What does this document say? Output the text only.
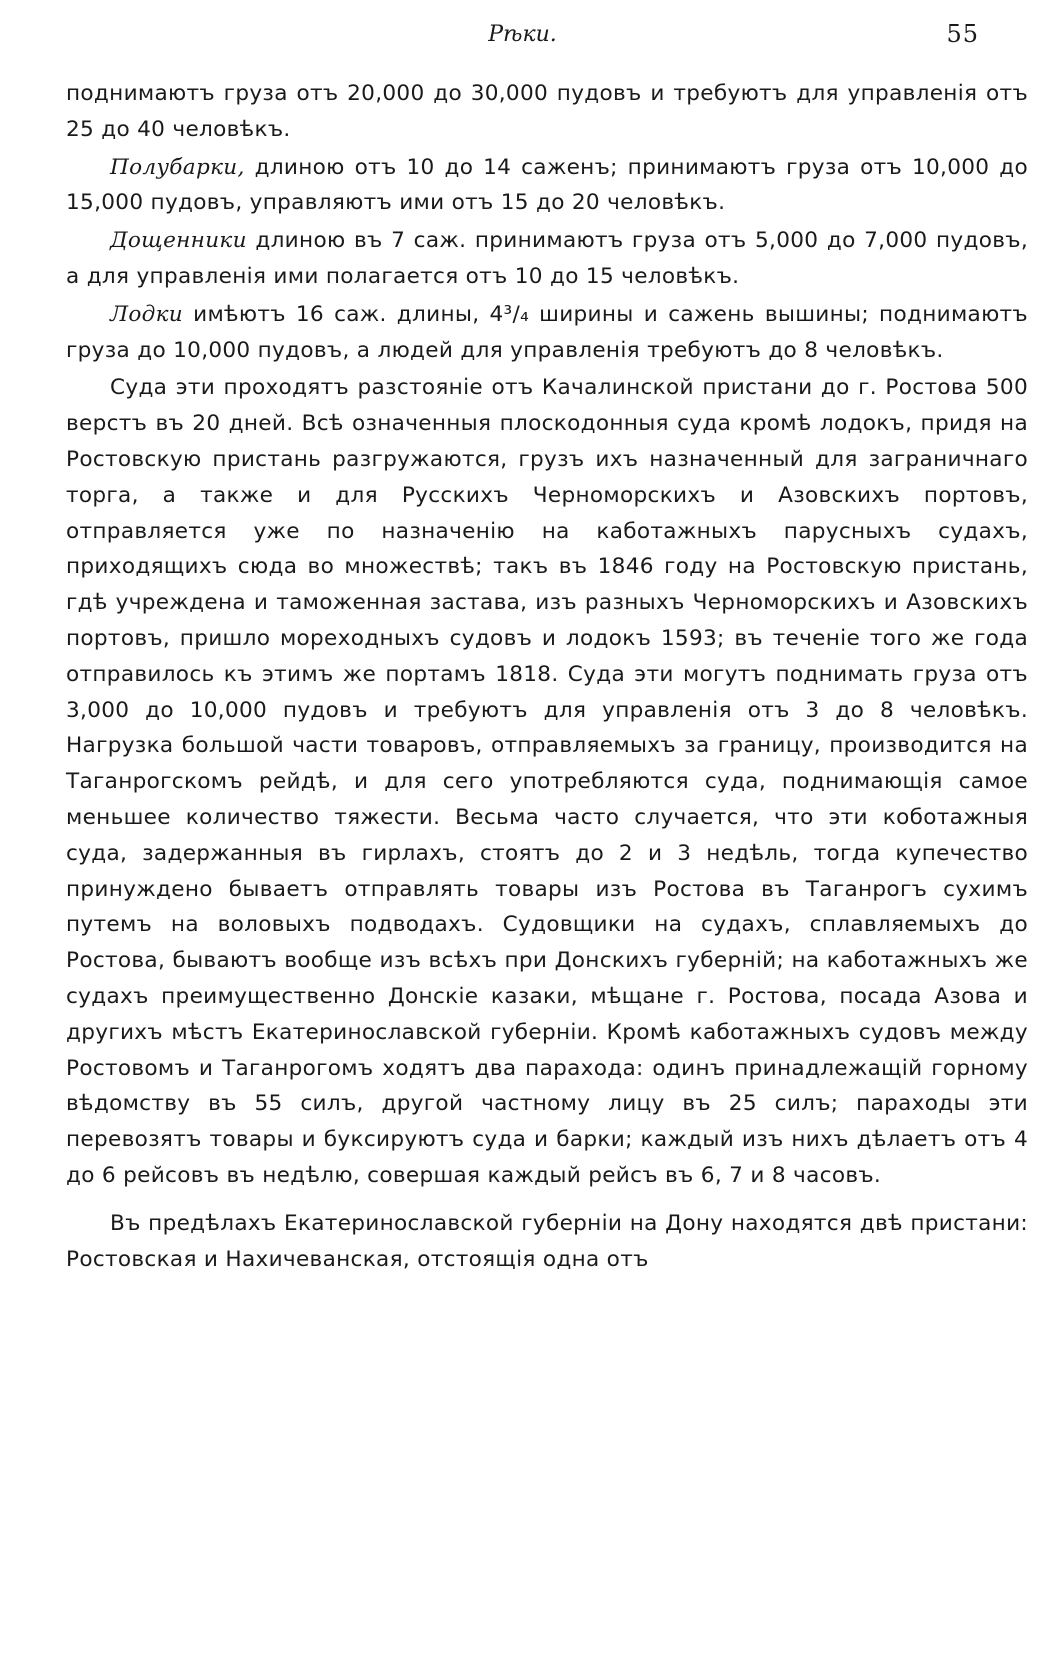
Рѣки.	55

поднимаютъ груза отъ 20,000 до 30,000 пудовъ и требуютъ для управленія отъ 25 до 40 человѣкъ.

Полубарки, длиною отъ 10 до 14 саженъ; принимаютъ груза отъ 10,000 до 15,000 пудовъ, управляютъ ими отъ 15 до 20 человѣкъ.

Дощенники длиною въ 7 саж. принимаютъ груза отъ 5,000 до 7,000 пудовъ, а для управленія ими полагается отъ 10 до 15 человѣкъ.

Лодки имѣютъ 16 саж. длины, 4³/₄ ширины и сажень вышины; поднимаютъ груза до 10,000 пудовъ, а людей для управленія требуютъ до 8 человѣкъ.

Суда эти проходятъ разстояніе отъ Качалинской пристани до г. Ростова 500 верстъ въ 20 дней. Всѣ означенныя плоскодонныя суда кромѣ лодокъ, придя на Ростовскую пристань разгружаются, грузъ ихъ назначенный для заграничнаго торга, а также и для Русскихъ Черноморскихъ и Азовскихъ портовъ, отправляется уже по назначенію на каботажныхъ парусныхъ судахъ, приходящихъ сюда во множествѣ; такъ въ 1846 году на Ростовскую пристань, гдѣ учреждена и таможенная застава, изъ разныхъ Черноморскихъ и Азовскихъ портовъ, пришло мореходныхъ судовъ и лодокъ 1593; въ теченіе того же года отправилось къ этимъ же портамъ 1818. Суда эти могутъ поднимать груза отъ 3,000 до 10,000 пудовъ и требуютъ для управленія отъ 3 до 8 человѣкъ. Нагрузка большой части товаровъ, отправляемыхъ за границу, производится на Таганрогскомъ рейдѣ, и для сего употребляются суда, поднимающія самое меньшее количество тяжести. Весьма часто случается, что эти коботажныя суда, задержанныя въ гирлахъ, стоятъ до 2 и 3 недѣль, тогда купечество принуждено бываетъ отправлять товары изъ Ростова въ Таганрогъ сухимъ путемъ на воловыхъ подводахъ. Судовщики на судахъ, сплавляемыхъ до Ростова, бываютъ вообще изъ всѣхъ при Донскихъ губерній; на каботажныхъ же судахъ преимущественно Донскіе казаки, мѣщане г. Ростова, посада Азова и другихъ мѣстъ Екатеринославской губерніи. Кромѣ каботажныхъ судовъ между Ростовомъ и Таганрогомъ ходятъ два парахода: одинъ принадлежащій горному вѣдомству въ 55 силъ, другой частному лицу въ 25 силъ; параходы эти перевозятъ товары и буксируютъ суда и барки; каждый изъ нихъ дѣлаетъ отъ 4 до 6 рейсовъ въ недѣлю, совершая каждый рейсъ въ 6, 7 и 8 часовъ.

Въ предѣлахъ Екатеринославской губерніи на Дону находятся двѣ пристани: Ростовская и Нахичеванская, отстоящія одна отъ
